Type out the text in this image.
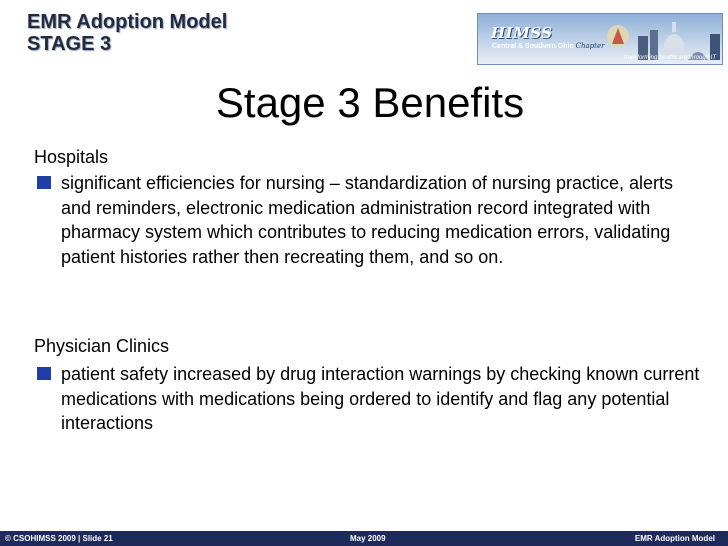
EMR Adoption Model
STAGE 3	HIMSS
Central & Southern Ohio Chapter
transforming healthcare through IT
Stage 3 Benefits
Hospitals
significant efficiencies for nursing – standardization of nursing practice, alerts and reminders, electronic medication administration record integrated with pharmacy system which contributes to reducing medication errors, validating patient histories rather then recreating them, and so on.
Physician Clinics
patient safety increased by drug interaction warnings by checking known current medications with medications being ordered to identify and flag any potential interactions
© CSOHIMSS 2009 | Slide 21	May 2009	EMR Adoption Model
